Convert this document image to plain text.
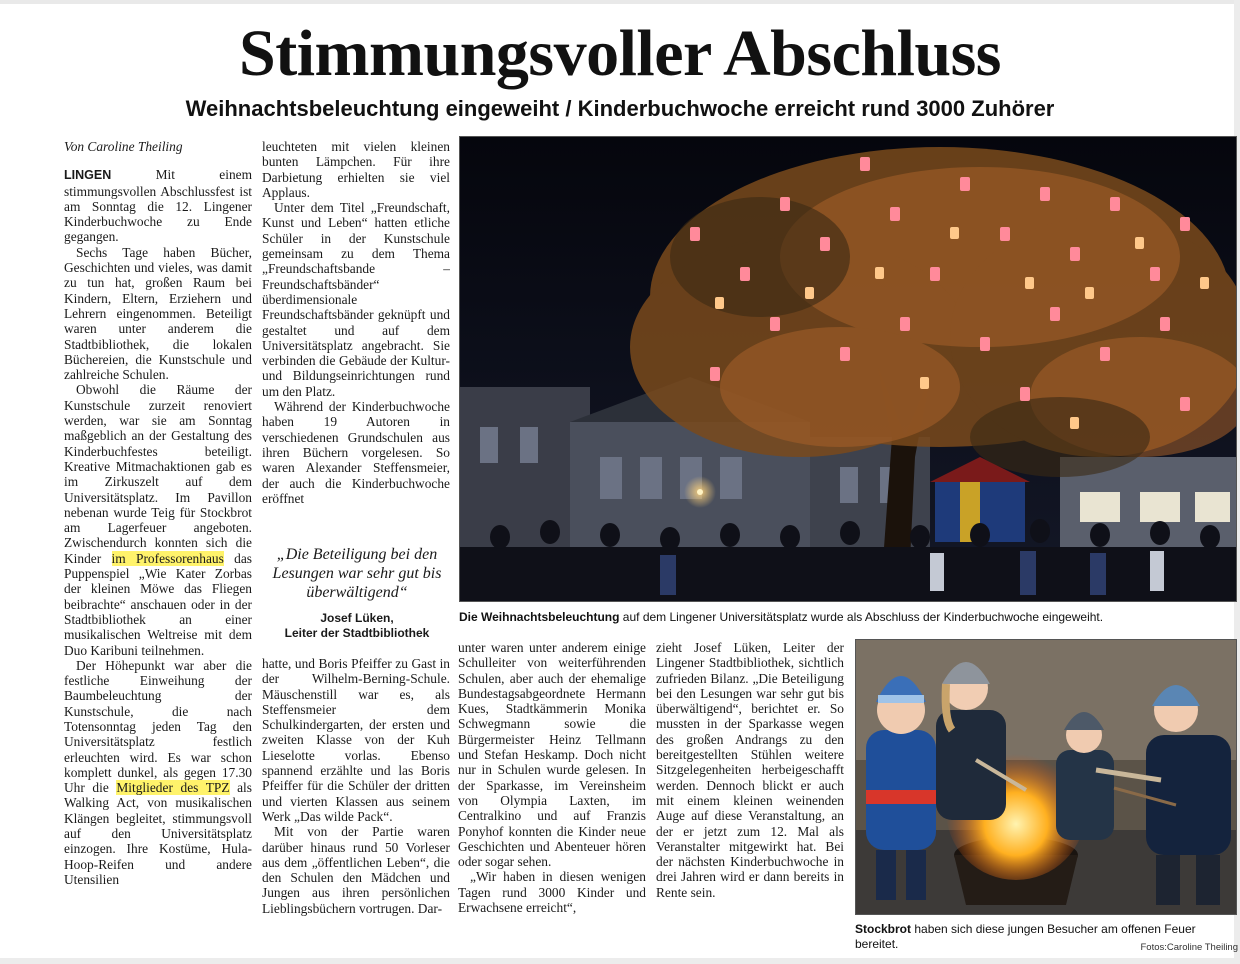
Stimmungsvoller Abschluss
Weihnachtsbeleuchtung eingeweiht / Kinderbuchwoche erreicht rund 3000 Zuhörer

Von Caroline Theiling

LINGEN Mit einem stimmungsvollen Abschlussfest ist am Sonntag die 12. Lingener Kinderbuchwoche zu Ende gegangen.

Sechs Tage haben Bücher, Geschichten und vieles, was damit zu tun hat, großen Raum bei Kindern, Eltern, Erziehern und Lehrern eingenommen. Beteiligt waren unter anderem die Stadtbibliothek, die lokalen Büchereien, die Kunstschule und zahlreiche Schulen.

Obwohl die Räume der Kunstschule zurzeit renoviert werden, war sie am Sonntag maßgeblich an der Gestaltung des Kinderbuchfestes beteiligt. Kreative Mitmachaktionen gab es im Zirkuszelt auf dem Universitätsplatz. Im Pavillon nebenan wurde Teig für Stockbrot am Lagerfeuer angeboten. Zwischendurch konnten sich die Kinder im Professorenhaus das Puppenspiel „Wie Kater Zorbas der kleinen Möwe das Fliegen beibrachte“ anschauen oder in der Stadtbibliothek an einer musikalischen Weltreise mit dem Duo Karibuni teilnehmen.

Der Höhepunkt war aber die festliche Einweihung der Baumbeleuchtung der Kunstschule, die nach Totensonntag jeden Tag den Universitätsplatz festlich erleuchten wird. Es war schon komplett dunkel, als gegen 17.30 Uhr die Mitglieder des TPZ als Walking Act, von musikalischen Klängen begleitet, stimmungsvoll auf den Universitätsplatz einzogen. Ihre Kostüme, Hula-Hoop-Reifen und andere Utensilien

leuchteten mit vielen kleinen bunten Lämpchen. Für ihre Darbietung erhielten sie viel Applaus.

Unter dem Titel „Freundschaft, Kunst und Leben“ hatten etliche Schüler in der Kunstschule gemeinsam zu dem Thema „Freundschaftsbande – Freundschaftsbänder“ überdimensionale Freundschaftsbänder geknüpft und gestaltet und auf dem Universitätsplatz angebracht. Sie verbinden die Gebäude der Kultur- und Bildungseinrichtungen rund um den Platz.

Während der Kinderbuchwoche haben 19 Autoren in verschiedenen Grundschulen aus ihren Büchern vorgelesen. So waren Alexander Steffensmeier, der auch die Kinderbuchwoche eröffnet

„Die Beteiligung bei den Lesungen war sehr gut bis überwältigend“
Josef Lüken,
Leiter der Stadtbibliothek

hatte, und Boris Pfeiffer zu Gast in der Wilhelm-Berning-Schule. Mäuschenstill war es, als Steffensmeier dem Schulkindergarten, der ersten und zweiten Klasse von der Kuh Lieselotte vorlas. Ebenso spannend erzählte und las Boris Pfeiffer für die Schüler der dritten und vierten Klassen aus seinem Werk „Das wilde Pack“.

Mit von der Partie waren darüber hinaus rund 50 Vorleser aus dem „öffentlichen Leben“, die den Schulen den Mädchen und Jungen aus ihren persönlichen Lieblingsbüchern vortrugen. Dar-

unter waren unter anderem einige Schulleiter von weiterführenden Schulen, aber auch der ehemalige Bundestagsabgeordnete Hermann Kues, Stadtkämmerin Monika Schwegmann sowie die Bürgermeister Heinz Tellmann und Stefan Heskamp. Doch nicht nur in Schulen wurde gelesen. In der Sparkasse, im Vereinsheim von Olympia Laxten, im Centralkino und auf Franzis Ponyhof konnten die Kinder neue Geschichten und Abenteuer hören oder sogar sehen.

„Wir haben in diesen wenigen Tagen rund 3000 Kinder und Erwachsene erreicht“,

zieht Josef Lüken, Leiter der Lingener Stadtbibliothek, sichtlich zufrieden Bilanz. „Die Beteiligung bei den Lesungen war sehr gut bis überwältigend“, berichtet er. So mussten in der Sparkasse wegen des großen Andrangs zu den bereitgestellten Stühlen weitere Sitzgelegenheiten herbeigeschafft werden. Dennoch blickt er auch mit einem kleinen weinenden Auge auf diese Veranstaltung, an der er jetzt zum 12. Mal als Veranstalter mitgewirkt hat. Bei der nächsten Kinderbuchwoche in drei Jahren wird er dann bereits in Rente sein.

Die Weihnachtsbeleuchtung auf dem Lingener Universitätsplatz wurde als Abschluss der Kinderbuchwoche eingeweiht.
Stockbrot haben sich diese jungen Besucher am offenen Feuer bereitet.	Fotos:Caroline Theiling
